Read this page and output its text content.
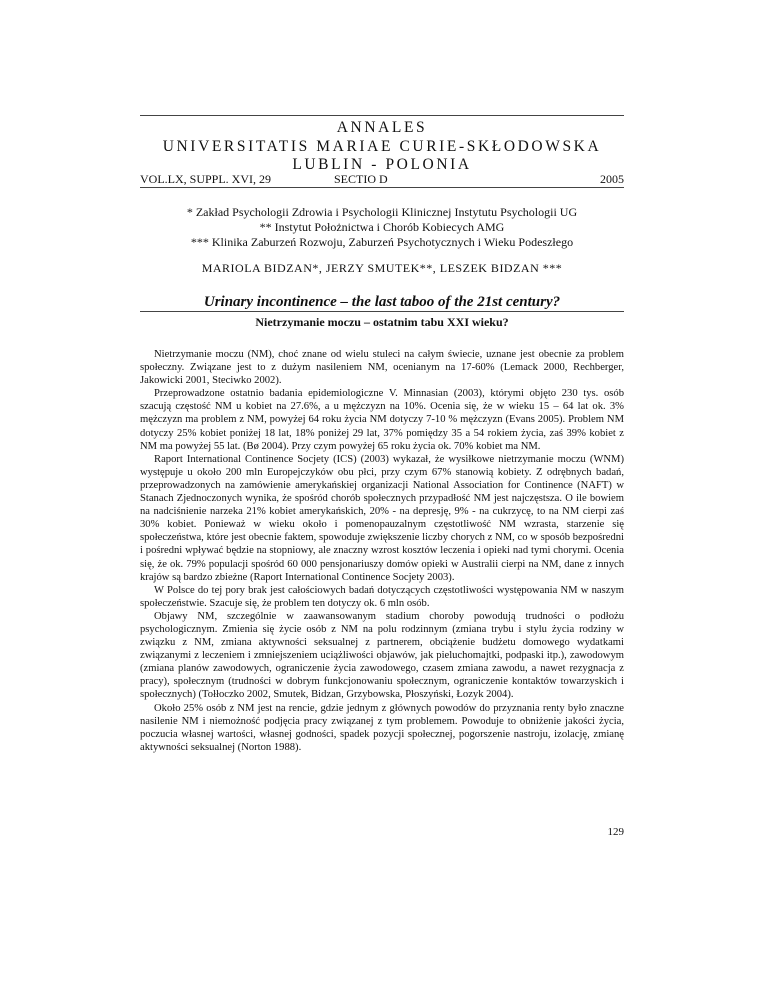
ANNALES
UNIVERSITATIS MARIAE CURIE-SKŁODOWSKA
LUBLIN - POLONIA
VOL.LX, SUPPL. XVI, 29	SECTIO D	2005
* Zakład Psychologii Zdrowia i Psychologii Klinicznej Instytutu Psychologii UG
** Instytut Położnictwa i Chorób Kobiecych AMG
*** Klinika Zaburzeń Rozwoju, Zaburzeń Psychotycznych i Wieku Podeszłego
MARIOLA BIDZAN*, JERZY SMUTEK**, LESZEK BIDZAN ***
Urinary incontinence – the last taboo of the 21st century?
Nietrzymanie moczu – ostatnim tabu XXI wieku?

Nietrzymanie moczu (NM), choć znane od wielu stuleci na całym świecie, uznane jest obecnie za problem społeczny. Związane jest to z dużym nasileniem NM, ocenianym na 17-60% (Lemack 2000, Rechberger, Jakowicki 2001, Steciwko 2002).

Przeprowadzone ostatnio badania epidemiologiczne V. Minnasian (2003), którymi objęto 230 tys. osób szacują częstość NM u kobiet na 27.6%, a u mężczyzn na 10%. Ocenia się, że w wieku 15 – 64 lat ok. 3% mężczyzn ma problem z NM, powyżej 64 roku życia NM dotyczy 7-10 % mężczyzn (Evans 2005). Problem NM dotyczy 25% kobiet poniżej 18 lat, 18% poniżej 29 lat, 37% pomiędzy 35 a 54 rokiem życia, zaś 39% kobiet z NM ma powyżej 55 lat. (Bø 2004). Przy czym powyżej 65 roku życia ok. 70% kobiet ma NM.

Raport International Continence Socjety (ICS) (2003) wykazał, że wysiłkowe nietrzymanie moczu (WNM) występuje u około 200 mln Europejczyków obu płci, przy czym 67% stanowią kobiety. Z odrębnych badań, przeprowadzonych na zamówienie amerykańskiej organizacji National Association for Continence (NAFT) w Stanach Zjednoczonych wynika, że spośród chorób społecznych przypadłość NM jest najczęstsza. O ile bowiem na nadciśnienie narzeka 21% kobiet amerykańskich, 20% - na depresję, 9% - na cukrzycę, to na NM cierpi zaś 30% kobiet. Ponieważ w wieku około i pomenopauzalnym częstotliwość NM wzrasta, starzenie się społeczeństwa, które jest obecnie faktem, spowoduje zwiększenie liczby chorych z NM, co w sposób bezpośredni i pośredni wpływać będzie na stopniowy, ale znaczny wzrost kosztów leczenia i opieki nad tymi chorymi. Ocenia się, że ok. 79% populacji spośród 60 000 pensjonariuszy domów opieki w Australii cierpi na NM, dane z innych krajów są bardzo zbieżne (Raport International Continence Socjety 2003).

W Polsce do tej pory brak jest całościowych badań dotyczących częstotliwości występowania NM w naszym społeczeństwie. Szacuje się, że problem ten dotyczy ok. 6 mln osób.

Objawy NM, szczególnie w zaawansowanym stadium choroby powodują trudności o podłożu psychologicznym. Zmienia się życie osób z NM na polu rodzinnym (zmiana trybu i stylu życia rodziny w związku z NM, zmiana aktywności seksualnej z partnerem, obciążenie budżetu domowego wydatkami związanymi z leczeniem i zmniejszeniem uciążliwości objawów, jak pieluchomajtki, podpaski itp.), zawodowym (zmiana planów zawodowych, ograniczenie życia zawodowego, czasem zmiana zawodu, a nawet rezygnacja z pracy), społecznym (trudności w dobrym funkcjonowaniu społecznym, ograniczenie kontaktów towarzyskich i społecznych) (Tołłoczko 2002, Smutek, Bidzan, Grzybowska, Płoszyński, Łozyk 2004).

Około 25% osób z NM jest na rencie, gdzie jednym z głównych powodów do przyznania renty było znaczne nasilenie NM i niemożność podjęcia pracy związanej z tym problemem. Powoduje to obniżenie jakości życia, poczucia własnej wartości, własnej godności, spadek pozycji społecznej, pogorszenie nastroju, izolację, zmianę aktywności seksualnej (Norton 1988).

129
